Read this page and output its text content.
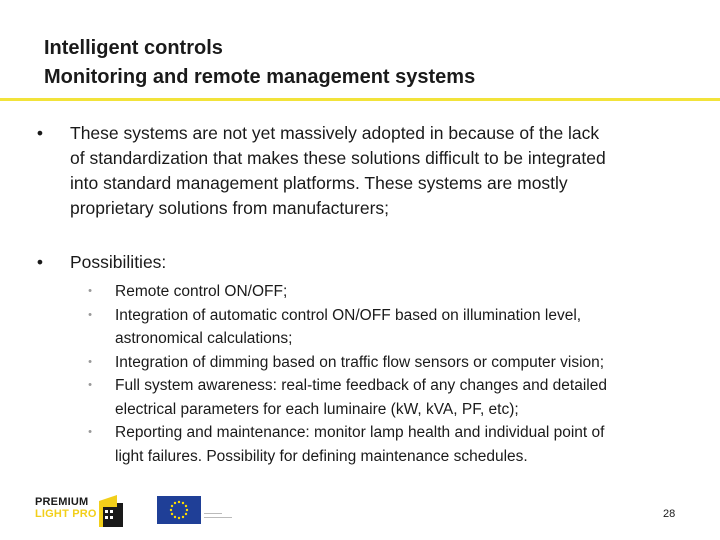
Intelligent controls
Monitoring and remote management systems
•	These systems are not yet massively adopted in because of the lack
of standardization that makes these solutions difficult to be integrated
into standard management platforms. These systems are mostly
proprietary solutions from manufacturers;
•	Possibilities:
• Remote control ON/OFF;
• Integration of automatic control ON/OFF based on illumination level,
astronomical calculations;
• Integration of dimming based on traffic flow sensors or computer vision;
• Full system awareness: real-time feedback of any changes and detailed
electrical parameters for each luminaire (kW, kVA, PF, etc);
• Reporting and maintenance: monitor lamp health and individual point of
light failures. Possibility for defining maintenance schedules.
PREMIUM
LIGHT PRO	28
